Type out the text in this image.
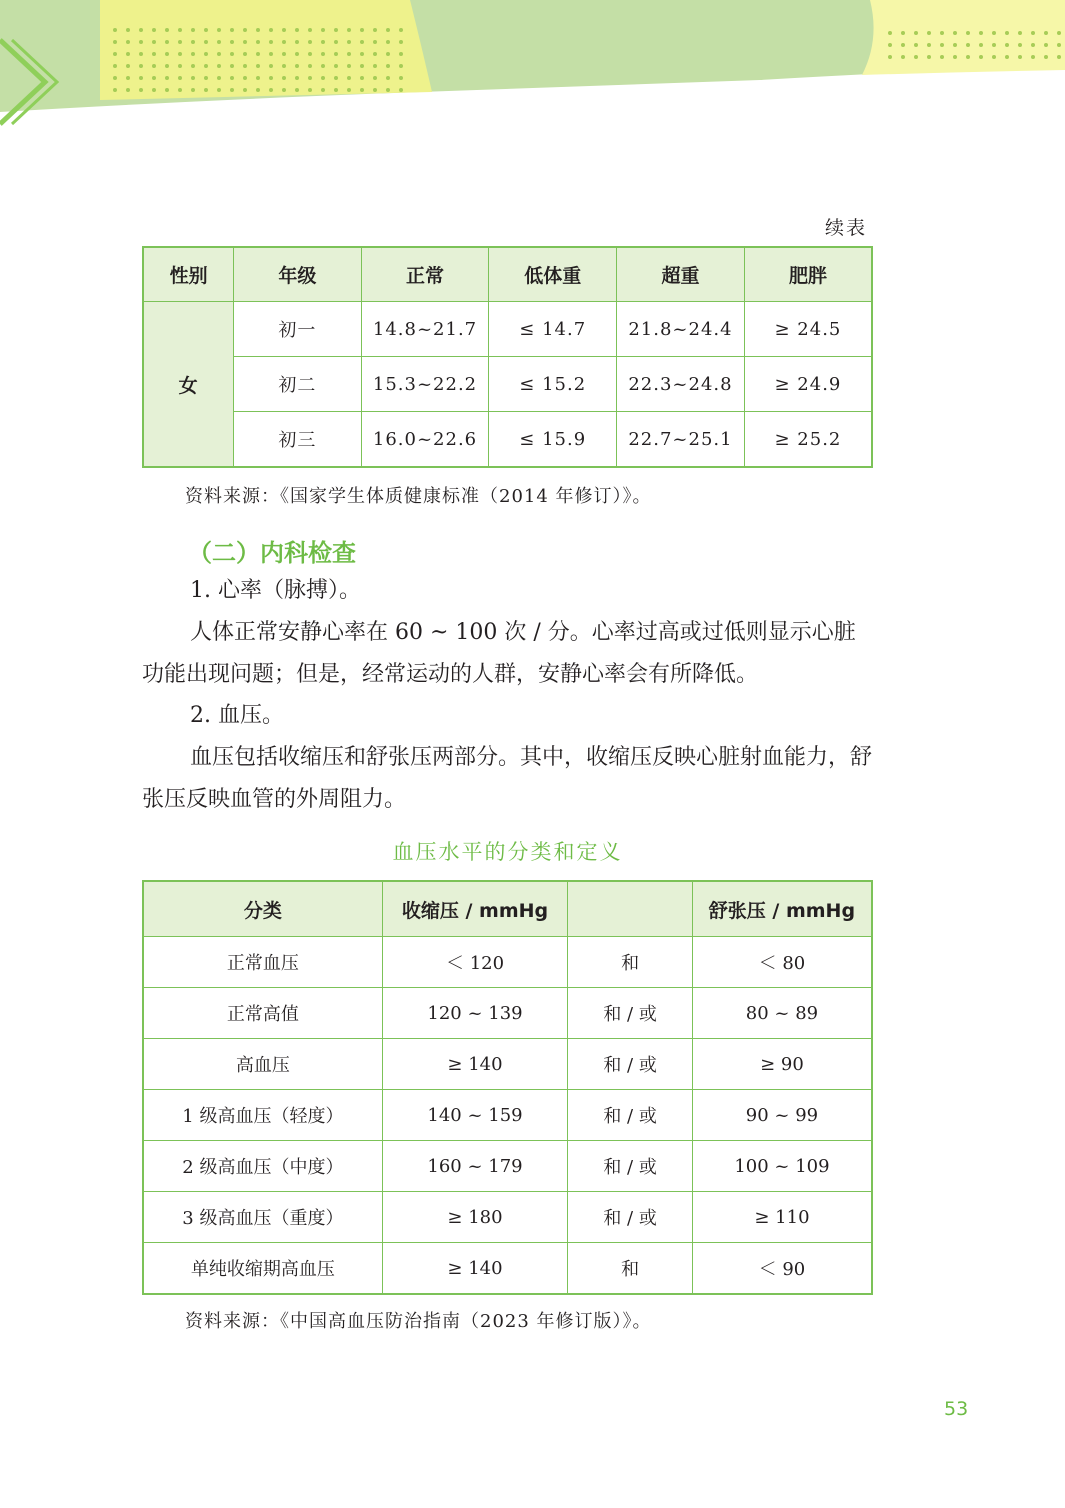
续表
性别	年级	正常	低体重	超重	肥胖
女	初一	14.8~21.7	≤ 14.7	21.8~24.4	≥ 24.5
	初二	15.3~22.2	≤ 15.2	22.3~24.8	≥ 24.9
	初三	16.0~22.6	≤ 15.9	22.7~25.1	≥ 25.2
资料来源：《国家学生体质健康标准（2014 年修订）》。
（二）内科检查

1. 心率（脉搏）。

人体正常安静心率在 60 ~ 100 次 / 分。心率过高或过低则显示心脏功能出现问题；但是，经常运动的人群，安静心率会有所降低。

2. 血压。

血压包括收缩压和舒张压两部分。其中，收缩压反映心脏射血能力，舒张压反映血管的外周阻力。

血压水平的分类和定义
分类	收缩压 / mmHg		舒张压 / mmHg
正常血压	＜ 120	和	＜ 80
正常高值	120 ~ 139	和 / 或	80 ~ 89
高血压	≥ 140	和 / 或	≥ 90
1 级高血压（轻度）	140 ~ 159	和 / 或	90 ~ 99
2 级高血压（中度）	160 ~ 179	和 / 或	100 ~ 109
3 级高血压（重度）	≥ 180	和 / 或	≥ 110
单纯收缩期高血压	≥ 140	和	＜ 90
资料来源：《中国高血压防治指南（2023 年修订版）》。
53
